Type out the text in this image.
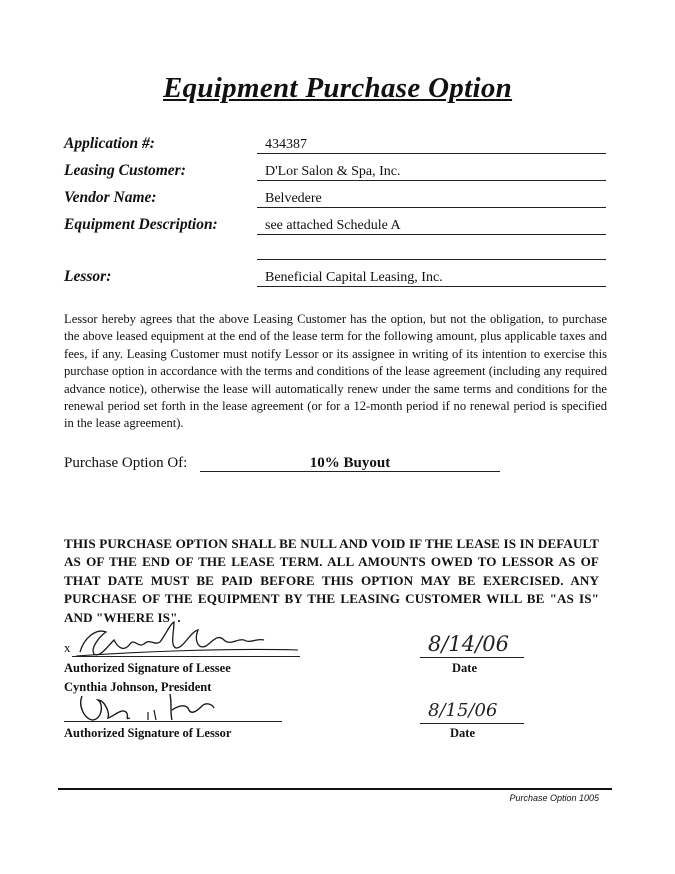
Equipment Purchase Option
Application #:	434387
Leasing Customer:	D'Lor Salon & Spa, Inc.
Vendor Name:	Belvedere
Equipment Description:	see attached Schedule A
Lessor:	Beneficial Capital Leasing, Inc.
Lessor hereby agrees that the above Leasing Customer has the option, but not the obligation, to purchase the above leased equipment at the end of the lease term for the following amount, plus applicable taxes and fees, if any. Leasing Customer must notify Lessor or its assignee in writing of its intention to exercise this purchase option in accordance with the terms and conditions of the lease agreement (including any required advance notice), otherwise the lease will automatically renew under the same terms and conditions for the renewal period set forth in the lease agreement (or for a 12-month period if no renewal period is specified in the lease agreement).
Purchase Option Of:	10% Buyout
THIS PURCHASE OPTION SHALL BE NULL AND VOID IF THE LEASE IS IN DEFAULT AS OF THE END OF THE LEASE TERM. ALL AMOUNTS OWED TO LESSOR AS OF THAT DATE MUST BE PAID BEFORE THIS OPTION MAY BE EXERCISED. ANY PURCHASE OF THE EQUIPMENT BY THE LEASING CUSTOMER WILL BE "AS IS" AND "WHERE IS".
x
Authorized Signature of Lessee
Cynthia Johnson, President
8/14/06
Date
Authorized Signature of Lessor
8/15/06
Date
Purchase Option 1005
